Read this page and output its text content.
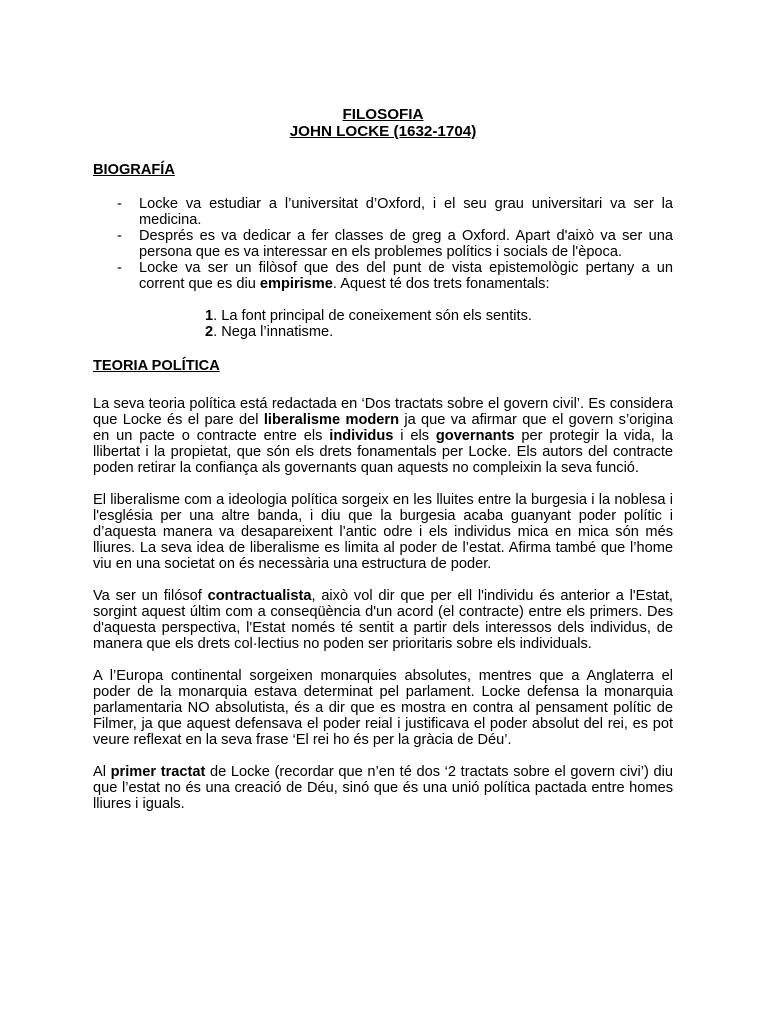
FILOSOFIA
JOHN LOCKE (1632-1704)
BIOGRAFÍA
- Locke va estudiar a l’universitat d’Oxford, i el seu grau universitari va ser la medicina.
- Després es va dedicar a fer classes de greg a Oxford. Apart d'això va ser una persona que es va interessar en els problemes polítics i socials de l'època.
- Locke va ser un filòsof que des del punt de vista epistemològic pertany a un corrent que es diu empirisme. Aquest té dos trets fonamentals:
1. La font principal de coneixement són els sentits.
2. Nega l’innatisme.
TEORIA POLÍTICA

La seva teoria política está redactada en ‘Dos tractats sobre el govern civil’. Es considera que Locke és el pare del liberalisme modern ja que va afirmar que el govern s’origina en un pacte o contracte entre els individus i els governants per protegir la vida, la llibertat i la propietat, que són els drets fonamentals per Locke. Els autors del contracte poden retirar la confiança als governants quan aquests no compleixin la seva funció.

El liberalisme com a ideologia política sorgeix en les lluites entre la burgesia i la noblesa i l'església per una altre banda, i diu que la burgesia acaba guanyant poder polític i d’aquesta manera va desapareixent l’antic odre i els individus mica en mica són més lliures. La seva idea de liberalisme es limita al poder de l’estat. Afirma també que l’home viu en una societat on és necessària una estructura de poder.

Va ser un filósof contractualista, això vol dir que per ell l'individu és anterior a l'Estat, sorgint aquest últim com a conseqüència d'un acord (el contracte) entre els primers. Des d'aquesta perspectiva, l'Estat només té sentit a partir dels interessos dels individus, de manera que els drets col·lectius no poden ser prioritaris sobre els individuals.

A l’Europa continental sorgeixen monarquies absolutes, mentres que a Anglaterra el poder de la monarquia estava determinat pel parlament. Locke defensa la monarquia parlamentaria NO absolutista, és a dir que es mostra en contra al pensament polític de Filmer, ja que aquest defensava el poder reial i justificava el poder absolut del rei, es pot veure reflexat en la seva frase ‘El rei ho és per la gràcia de Déu’.

Al primer tractat de Locke (recordar que n’en té dos ‘2 tractats sobre el govern civi’) diu que l’estat no és una creació de Déu, sinó que és una unió política pactada entre homes lliures i iguals.
